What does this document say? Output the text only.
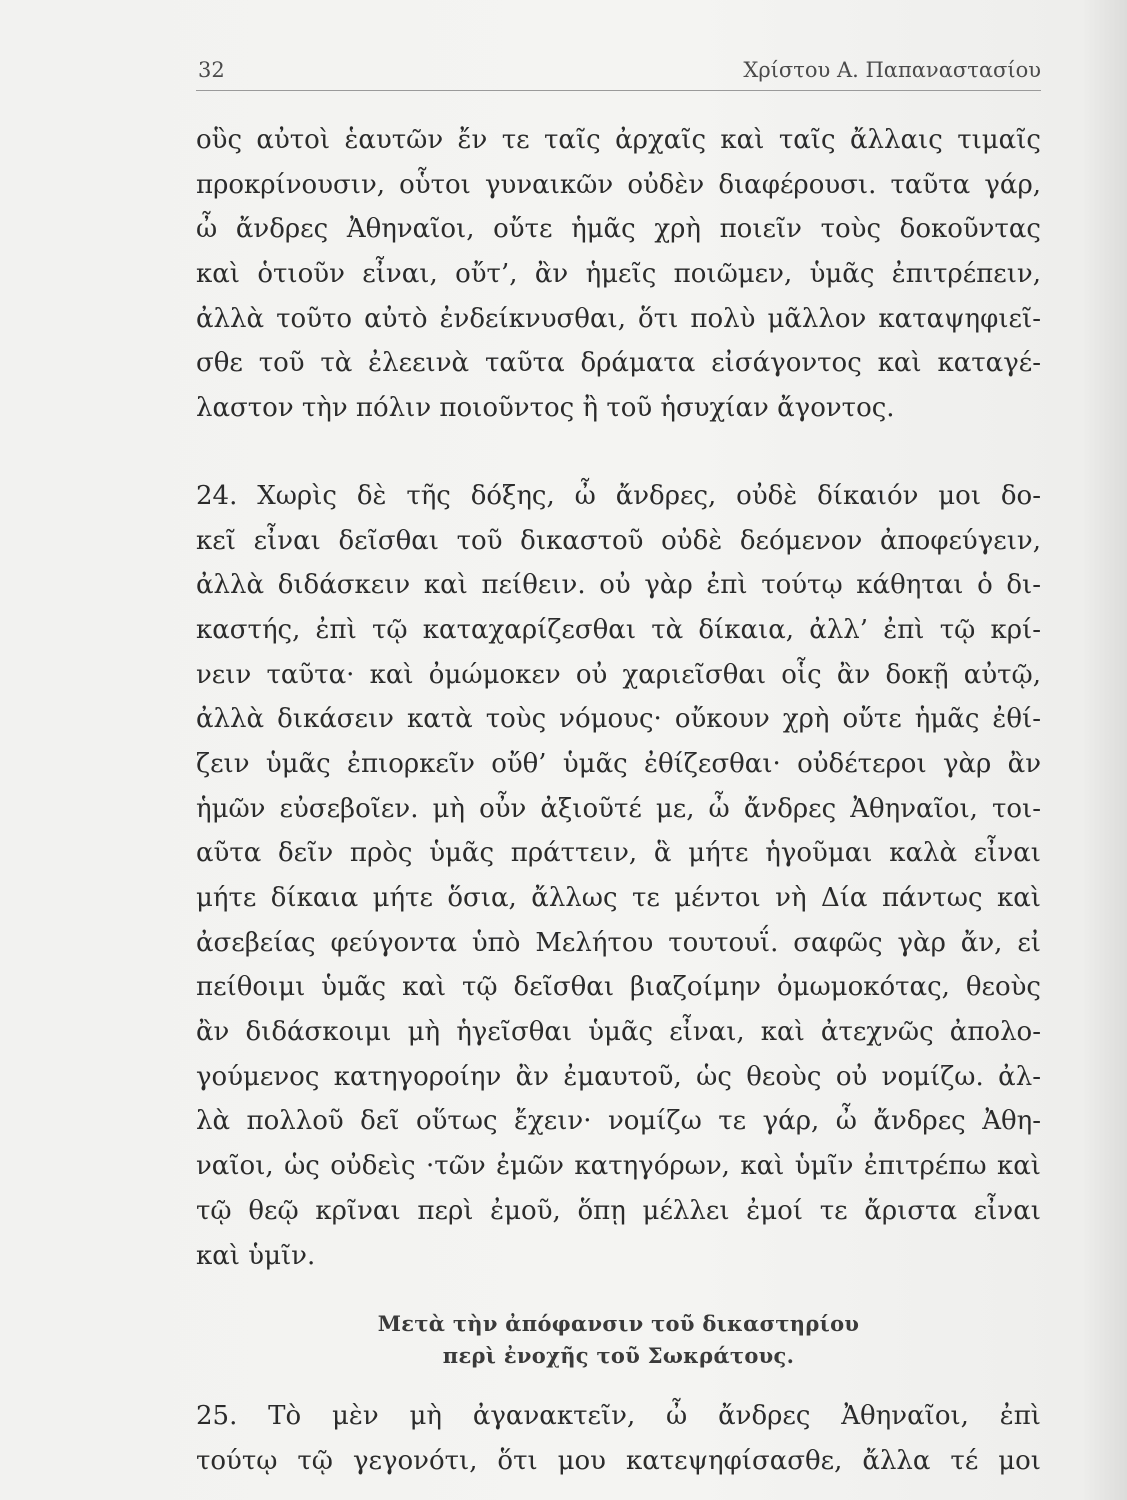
32	Χρίστου Α. Παπαναστασίου
οὓς αὐτοὶ ἑαυτῶν ἔν τε ταῖς ἀρχαῖς καὶ ταῖς ἄλλαις τιμαῖς
προκρίνουσιν, οὗτοι γυναικῶν οὐδὲν διαφέρουσι. ταῦτα γάρ,
ὦ ἄνδρες Ἀθηναῖοι, οὔτε ἡμᾶς χρὴ ποιεῖν τοὺς δοκοῦντας
καὶ ὁτιοῦν εἶναι, οὔτ’, ἂν ἡμεῖς ποιῶμεν, ὑμᾶς ἐπιτρέπειν,
ἀλλὰ τοῦτο αὐτὸ ἐνδείκνυσθαι, ὅτι πολὺ μᾶλλον καταψηφιεῖ-
σθε τοῦ τὰ ἐλεεινὰ ταῦτα δράματα εἰσάγοντος καὶ καταγέ-
λαστον τὴν πόλιν ποιοῦντος ἢ τοῦ ἡσυχίαν ἄγοντος.
24. Χωρὶς δὲ τῆς δόξης, ὦ ἄνδρες, οὐδὲ δίκαιόν μοι δο-
κεῖ εἶναι δεῖσθαι τοῦ δικαστοῦ οὐδὲ δεόμενον ἀποφεύγειν,
ἀλλὰ διδάσκειν καὶ πείθειν. οὐ γὰρ ἐπὶ τούτῳ κάθηται ὁ δι-
καστής, ἐπὶ τῷ καταχαρίζεσθαι τὰ δίκαια, ἀλλ’ ἐπὶ τῷ κρί-
νειν ταῦτα· καὶ ὀμώμοκεν οὐ χαριεῖσθαι οἷς ἂν δοκῇ αὐτῷ,
ἀλλὰ δικάσειν κατὰ τοὺς νόμους· οὔκουν χρὴ οὔτε ἡμᾶς ἐθί-
ζειν ὑμᾶς ἐπιορκεῖν οὔθ’ ὑμᾶς ἐθίζεσθαι· οὐδέτεροι γὰρ ἂν
ἡμῶν εὐσεβοῖεν. μὴ οὖν ἀξιοῦτέ με, ὦ ἄνδρες Ἀθηναῖοι, τοι-
αῦτα δεῖν πρὸς ὑμᾶς πράττειν, ἃ μήτε ἡγοῦμαι καλὰ εἶναι
μήτε δίκαια μήτε ὅσια, ἄλλως τε μέντοι νὴ Δία πάντως καὶ
ἀσεβείας φεύγοντα ὑπὸ Μελήτου τουτουΐ. σαφῶς γὰρ ἄν, εἰ
πείθοιμι ὑμᾶς καὶ τῷ δεῖσθαι βιαζοίμην ὀμωμοκότας, θεοὺς
ἂν διδάσκοιμι μὴ ἡγεῖσθαι ὑμᾶς εἶναι, καὶ ἀτεχνῶς ἀπολο-
γούμενος κατηγοροίην ἂν ἐμαυτοῦ, ὡς θεοὺς οὐ νομίζω. ἀλ-
λὰ πολλοῦ δεῖ οὕτως ἔχειν· νομίζω τε γάρ, ὦ ἄνδρες Ἀθη-
ναῖοι, ὡς οὐδεὶς ·τῶν ἐμῶν κατηγόρων, καὶ ὑμῖν ἐπιτρέπω καὶ
τῷ θεῷ κρῖναι περὶ ἐμοῦ, ὅπῃ μέλλει ἐμοί τε ἄριστα εἶναι
καὶ ὑμῖν.
Μετὰ τὴν ἀπόφανσιν τοῦ δικαστηρίου
περὶ ἐνοχῆς τοῦ Σωκράτους.
25. Τὸ μὲν μὴ ἀγανακτεῖν, ὦ ἄνδρες Ἀθηναῖοι, ἐπὶ
τούτῳ τῷ γεγονότι, ὅτι μου κατεψηφίσασθε, ἄλλα τέ μοι
